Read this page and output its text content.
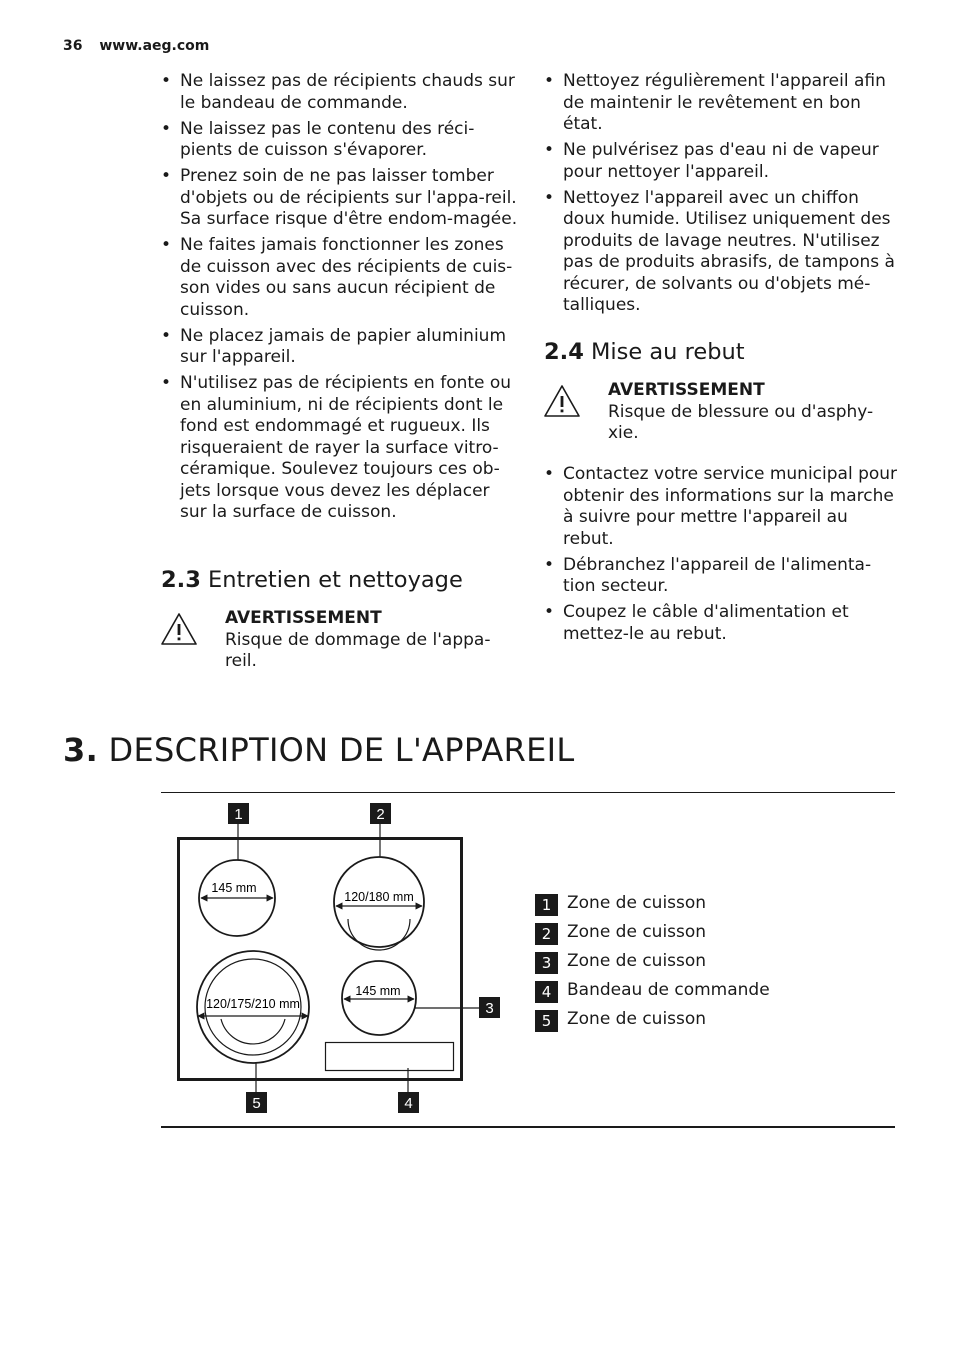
36 www.aeg.com
• Ne laissez pas de récipients chauds sur le bandeau de commande.
• Ne laissez pas le contenu des réci-pients de cuisson s'évaporer.
• Prenez soin de ne pas laisser tomber d'objets ou de récipients sur l'appa-reil. Sa surface risque d'être endom-magée.
• Ne faites jamais fonctionner les zones de cuisson avec des récipients de cuis-son vides ou sans aucun récipient de cuisson.
• Ne placez jamais de papier aluminium sur l'appareil.
• N'utilisez pas de récipients en fonte ou en aluminium, ni de récipients dont le fond est endommagé et rugueux. Ils risqueraient de rayer la surface vitro-céramique. Soulevez toujours ces ob-jets lorsque vous devez les déplacer sur la surface de cuisson.
2.3 Entretien et nettoyage
AVERTISSEMENT
Risque de dommage de l'appa-reil.
• Nettoyez régulièrement l'appareil afin de maintenir le revêtement en bon état.
• Ne pulvérisez pas d'eau ni de vapeur pour nettoyer l'appareil.
• Nettoyez l'appareil avec un chiffon doux humide. Utilisez uniquement des produits de lavage neutres. N'utilisez pas de produits abrasifs, de tampons à récurer, de solvants ou d'objets mé-talliques.
2.4 Mise au rebut
AVERTISSEMENT
Risque de blessure ou d'asphy-xie.
• Contactez votre service municipal pour obtenir des informations sur la marche à suivre pour mettre l'appareil au rebut.
• Débranchez l'appareil de l'alimenta-tion secteur.
• Coupez le câble d'alimentation et mettez-le au rebut.
3. DESCRIPTION DE L'APPAREIL
145 mm
120/180 mm
120/175/210 mm
145 mm
1	2
3
4
5
1 Zone de cuisson
2 Zone de cuisson
3 Zone de cuisson
4 Bandeau de commande
5 Zone de cuisson
